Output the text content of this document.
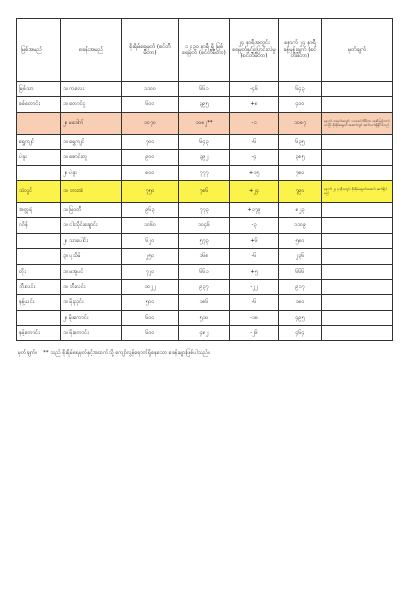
မြစ်အမည်	စခန်းအမည်	စိုးရိမ်ရေမှတ် (စင်တီမီတာ)	၁၂:၃၀ နာရီ ရှိ မြစ်ရေမှတ် (စင်တီမီတာ)	၂၄ နာရီအတွင်း ရေမှတ်နှင့်ပြောင်းလဲမှု (စင်တီမီတာ)	နောက် ၂၄ နာရီ ခန့်မှန်းချက် (စင်တီမီတာ)	မှတ်ချက်
မြစ်သာ	၁။ ကလေး	၁၁၀၀	၆၆၁	-၄၆	၆၄၃	
စစ်တောင်း	၁။ တောင်ငူ	၆၀၀	၃၉၅	+၈	၄၀၀	
	၂။ မဒေါက်	၁၀၇၀	၁၀၈၂**	-၁	၁၀၈၇	နောက် ၁၀ရက်အတွင်း ၁၁၀၀စင်တီမီတာ အထိ မြင့်တက်လာပြီး စိုးရိမ်ရေမှတ် အထက်တွင် ဆက်လက်ရှိနိုင်ပါသည်
ရွှေကျင်	၁။ ရွှေကျင်	၇၀၀	၆၄၃	-၆	၆၃၅	
ပဲခူး	၁။ ဇောင်းတူ	၉၀၀	၃၉၂	-၄	၃၈၅	
	၂။ ပဲခူး	၈၀၀	၇၇၇	+၁၅	၇၈၀	
သံလွင်	၁။ ဘားအံ	၇၅၀	၇၈၆	+၂၄	၇၉၀	နောက် ၂၄ နာရီအတွင်း စိုးရိမ်ရေမှတ်အထက် ဆက်ရှိပါမည်
အတ္တရံ	၁။ မြဝတီ	၉၆၃	၇၇၃	+၁၇၉	၈၂၃	
ဂဝိန်	၁။ ငါးသိုင်းချောင်း	၁၀၆၀	၁၀၄၆	-၃	၁၁၀၉	
	၂။ သာပေါင်း	၆၂၀	၅၇၃	+၆	၅၈၀	
	၃။ ပုသိမ်	၂၅၀	၁၆၈	-၆	၂၃၆	
တိုး	၁။ မအူပင်	၇၂၀	၆၆၁	+၅	၆၆၆	
ဘီးလင်း	၁။ ဘီးလင်း	၁၀၂၂	၉၃၇	-၂၂	၉၁၇	
နန့်ယင်း	၁။ မိုးညှင်း	၅၀၀	၁၈၆	-၆	၁၈၀	
	၂။ မိုးကောင်း	၆၀၀	၅၁၀	-၁၈	၄၉၅	
နမ့်ကောင်း	၁။ မိုးကောင်း	၆၀၀	၄၈၂	-၂၆	၄၆၄	
မှတ်ချက်။ ** သည် စိုးရိမ်ရေမှတ်နှင့်အထက်သို့ ကျော်လွန်ရောက်ရှိနေသော စခန်းများဖြစ်ပါသည်။
